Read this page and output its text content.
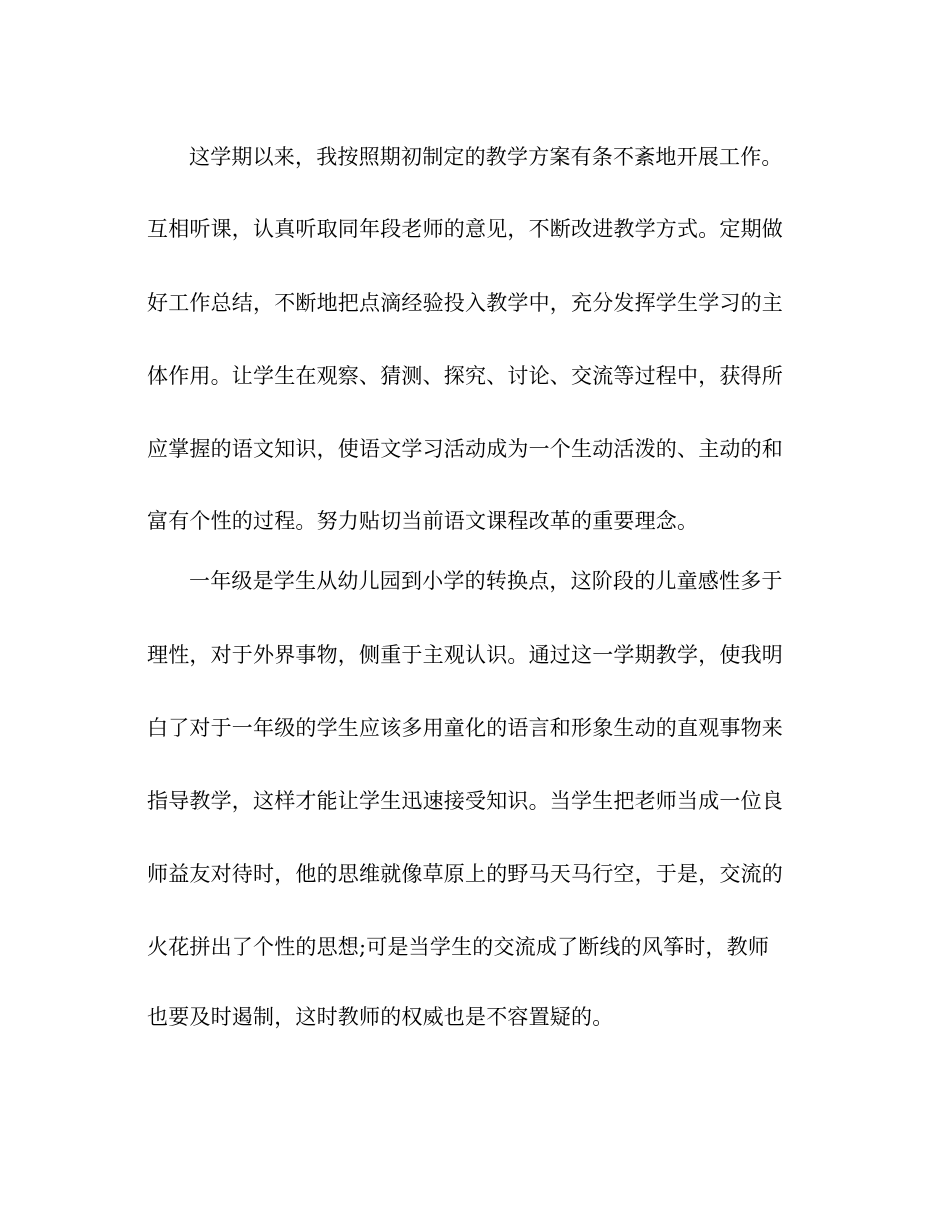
这学期以来，我按照期初制定的教学方案有条不紊地开展工作。
互相听课，认真听取同年段老师的意见，不断改进教学方式。定期做
好工作总结，不断地把点滴经验投入教学中，充分发挥学生学习的主
体作用。让学生在观察、猜测、探究、讨论、交流等过程中，获得所
应掌握的语文知识，使语文学习活动成为一个生动活泼的、主动的和
富有个性的过程。努力贴切当前语文课程改革的重要理念。
一年级是学生从幼儿园到小学的转换点，这阶段的儿童感性多于
理性，对于外界事物，侧重于主观认识。通过这一学期教学，使我明
白了对于一年级的学生应该多用童化的语言和形象生动的直观事物来
指导教学，这样才能让学生迅速接受知识。当学生把老师当成一位良
师益友对待时，他的思维就像草原上的野马天马行空，于是，交流的
火花拼出了个性的思想;可是当学生的交流成了断线的风筝时，教师
也要及时遏制，这时教师的权威也是不容置疑的。
